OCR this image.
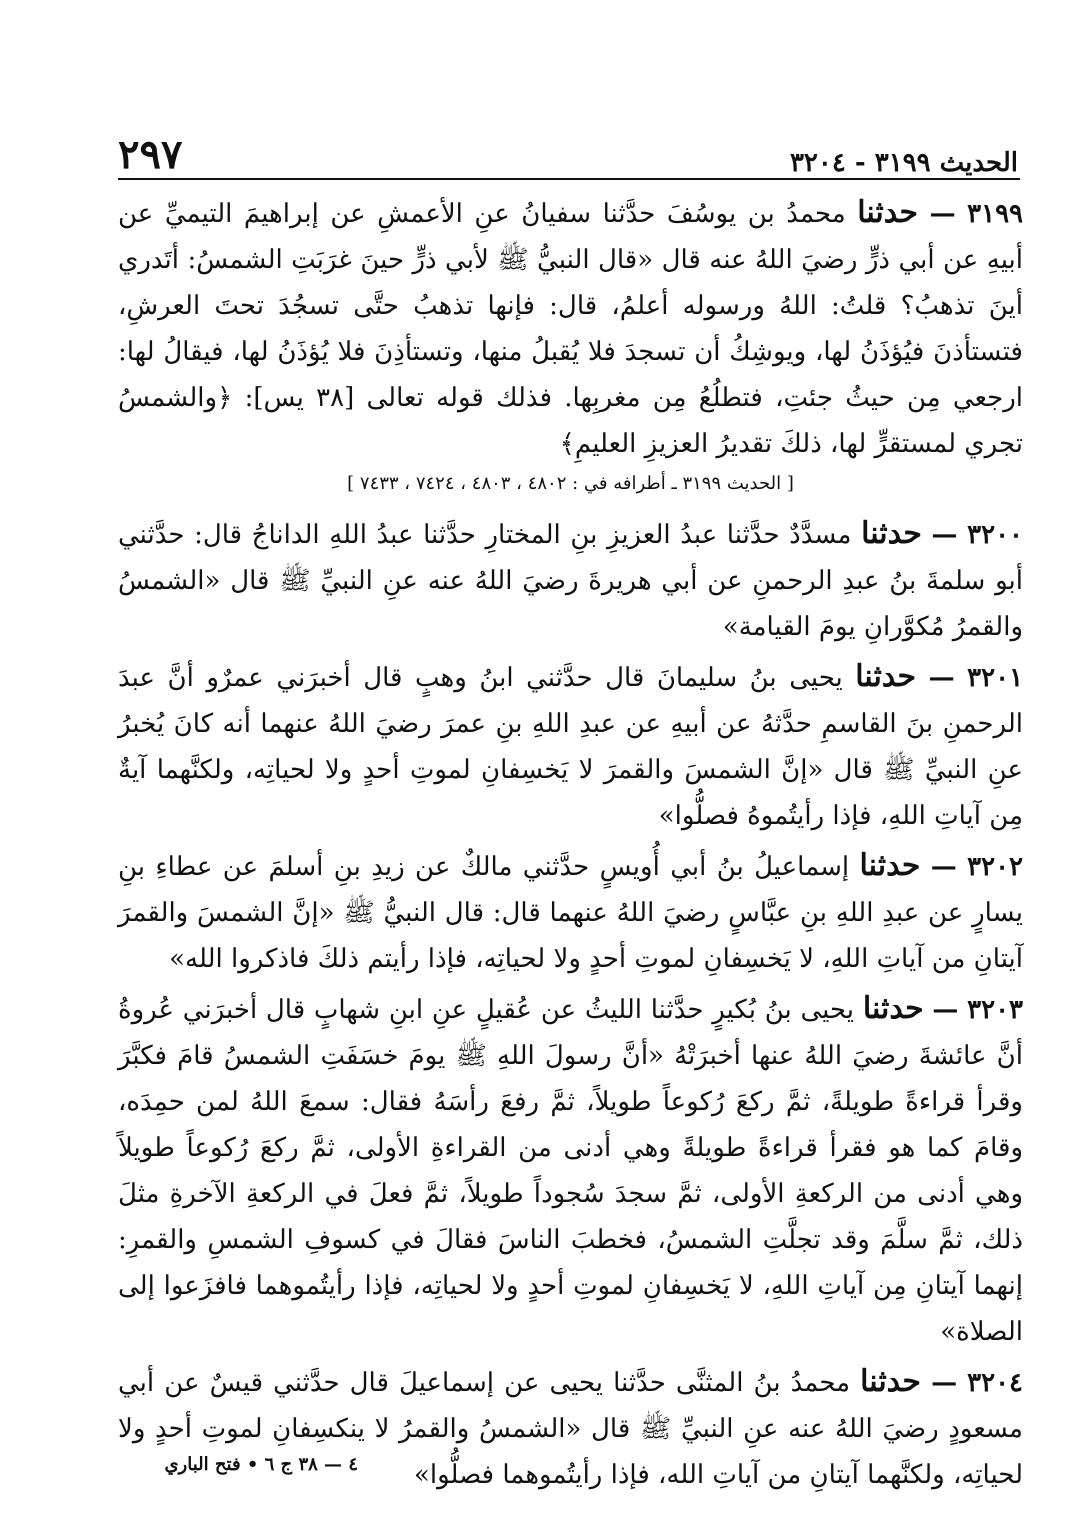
الحديث ٣١٩٩ - ٣٢٠٤
٢٩٧

٣١٩٩ — حدثنا محمدُ بن يوسُفَ حدَّثنا سفيانُ عنِ الأعمشِ عن إبراهيمَ التيميِّ عن أبيهِ عن أبي ذرٍّ رضيَ اللهُ عنه قال «قال النبيُّ ﷺ لأبي ذرٍّ حينَ غرَبَتِ الشمسُ: أتَدري أينَ تذهبُ؟ قلتُ: اللهُ ورسوله أعلمُ، قال: فإنها تذهبُ حتَّى تسجُدَ تحتَ العرشِ، فتستأذنَ فيُؤذَنُ لها، ويوشِكُ أن تسجدَ فلا يُقبلُ منها، وتستأذِنَ فلا يُؤذَنُ لها، فيقالُ لها: ارجعي مِن حيثُ جئتِ، فتطلُعُ مِن مغربِها. فذلك قوله تعالى [٣٨ يس]: ﴿والشمسُ تجري لمستقرٍّ لها، ذلكَ تقديرُ العزيزِ العليمِ﴾

[ الحديث ٣١٩٩ ـ أطرافه في : ٤٨٠٢ ، ٤٨٠٣ ، ٧٤٢٤ ، ٧٤٣٣ ]

٣٢٠٠ — حدثنا مسدَّدٌ حدَّثنا عبدُ العزيزِ بنِ المختارِ حدَّثنا عبدُ اللهِ الداناجُ قال: حدَّثني أبو سلمةَ بنُ عبدِ الرحمنِ عن أبي هريرةَ رضيَ اللهُ عنه عنِ النبيِّ ﷺ قال «الشمسُ والقمرُ مُكوَّرانِ يومَ القيامة»

٣٢٠١ — حدثنا يحيى بنُ سليمانَ قال حدَّثني ابنُ وهبٍ قال أخبرَني عمرٌو أنَّ عبدَ الرحمنِ بنَ القاسمِ حدَّثهُ عن أبيهِ عن عبدِ اللهِ بنِ عمرَ رضيَ اللهُ عنهما أنه كانَ يُخبرُ عنِ النبيِّ ﷺ قال «إنَّ الشمسَ والقمرَ لا يَخسِفانِ لموتِ أحدٍ ولا لحياتِه، ولكنَّهما آيةٌ مِن آياتِ اللهِ، فإذا رأيتُموهُ فصلُّوا»

٣٢٠٢ — حدثنا إسماعيلُ بنُ أبي أُويسٍ حدَّثني مالكٌ عن زيدِ بنِ أسلمَ عن عطاءِ بنِ يسارٍ عن عبدِ اللهِ بنِ عبَّاسٍ رضيَ اللهُ عنهما قال: قال النبيُّ ﷺ «إنَّ الشمسَ والقمرَ آيتانِ من آياتِ اللهِ، لا يَخسِفانِ لموتِ أحدٍ ولا لحياتِه، فإذا رأيتم ذلكَ فاذكروا الله»

٣٢٠٣ — حدثنا يحيى بنُ بُكيرٍ حدَّثنا الليثُ عن عُقيلٍ عنِ ابنِ شهابٍ قال أخبرَني عُروةُ أنَّ عائشةَ رضيَ اللهُ عنها أخبرَتْهُ «أنَّ رسولَ اللهِ ﷺ يومَ خسَفَتِ الشمسُ قامَ فكبَّرَ وقرأ قراءةً طويلةً، ثمَّ ركعَ رُكوعاً طويلاً، ثمَّ رفعَ رأسَهُ فقال: سمعَ اللهُ لمن حمِدَه، وقامَ كما هو فقرأ قراءةً طويلةً وهي أدنى من القراءةِ الأولى، ثمَّ ركعَ رُكوعاً طويلاً وهي أدنى من الركعةِ الأولى، ثمَّ سجدَ سُجوداً طويلاً، ثمَّ فعلَ في الركعةِ الآخرةِ مثلَ ذلك، ثمَّ سلَّمَ وقد تجلَّتِ الشمسُ، فخطبَ الناسَ فقالَ في كسوفِ الشمسِ والقمرِ: إنهما آيتانِ مِن آياتِ اللهِ، لا يَخسِفانِ لموتِ أحدٍ ولا لحياتِه، فإذا رأيتُموهما فافزَعوا إلى الصلاة»

٣٢٠٤ — حدثنا محمدُ بنُ المثنَّى حدَّثنا يحيى عن إسماعيلَ قال حدَّثني قيسٌ عن أبي مسعودٍ رضيَ اللهُ عنه عنِ النبيِّ ﷺ قال «الشمسُ والقمرُ لا ينكسِفانِ لموتِ أحدٍ ولا لحياتِه، ولكنَّهما آيتانِ من آياتِ الله، فإذا رأيتُموهما فصلُّوا»

٤ — ٣٨ ج ٦ • فتح الباري
